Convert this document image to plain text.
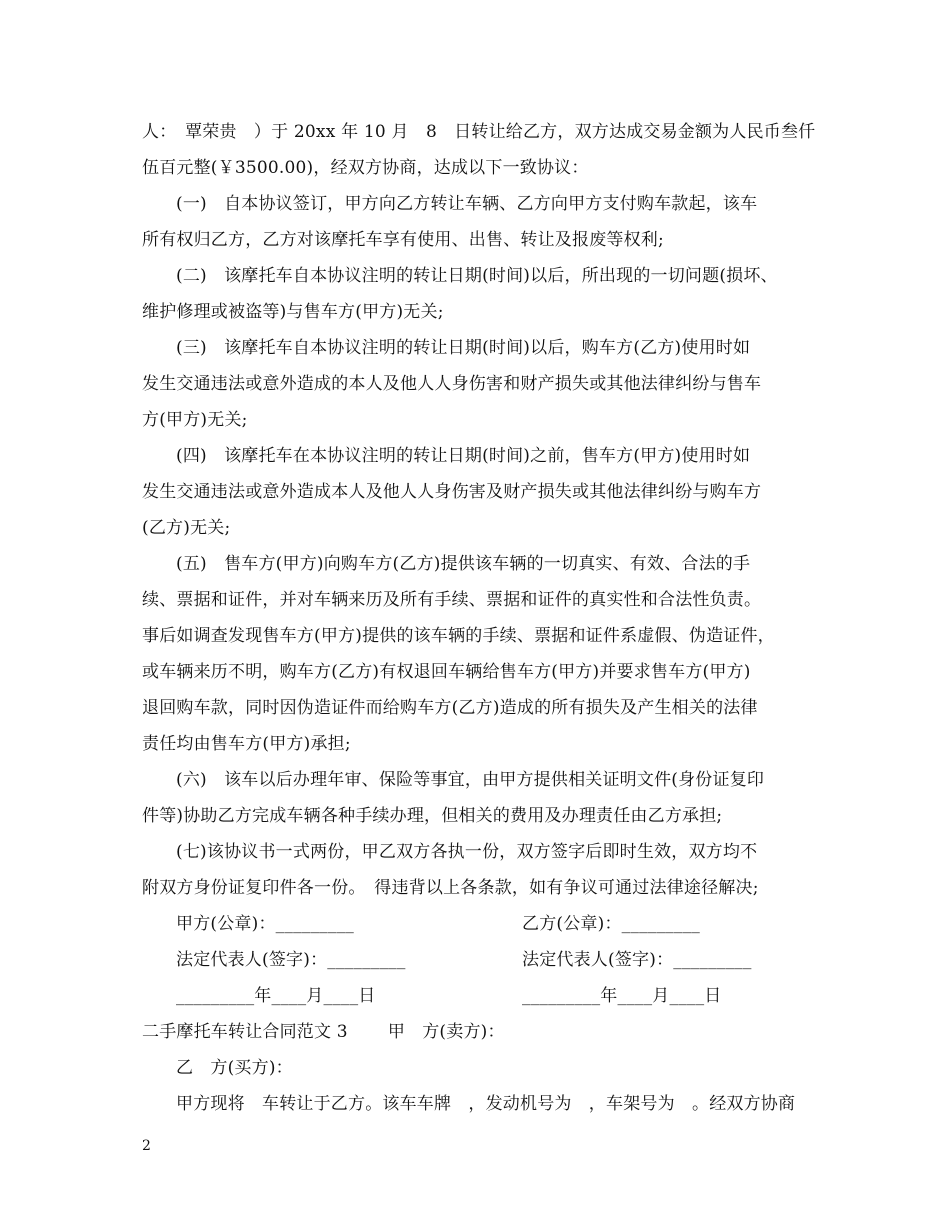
人：　覃荣贵　）于 20xx 年 10 月　8　日转让给乙方，双方达成交易金额为人民币叁仟
伍百元整(￥3500.00)，经双方协商，达成以下一致协议：
(一)　自本协议签订，甲方向乙方转让车辆、乙方向甲方支付购车款起，该车
所有权归乙方，乙方对该摩托车享有使用、出售、转让及报废等权利;
(二)　该摩托车自本协议注明的转让日期(时间)以后，所出现的一切问题(损坏、
维护修理或被盗等)与售车方(甲方)无关;
(三)　该摩托车自本协议注明的转让日期(时间)以后，购车方(乙方)使用时如
发生交通违法或意外造成的本人及他人人身伤害和财产损失或其他法律纠纷与售车
方(甲方)无关;
(四)　该摩托车在本协议注明的转让日期(时间)之前，售车方(甲方)使用时如
发生交通违法或意外造成本人及他人人身伤害及财产损失或其他法律纠纷与购车方
(乙方)无关;
(五)　售车方(甲方)向购车方(乙方)提供该车辆的一切真实、有效、合法的手
续、票据和证件，并对车辆来历及所有手续、票据和证件的真实性和合法性负责。
事后如调查发现售车方(甲方)提供的该车辆的手续、票据和证件系虚假、伪造证件，
或车辆来历不明，购车方(乙方)有权退回车辆给售车方(甲方)并要求售车方(甲方)
退回购车款，同时因伪造证件而给购车方(乙方)造成的所有损失及产生相关的法律
责任均由售车方(甲方)承担;
(六)　该车以后办理年审、保险等事宜，由甲方提供相关证明文件(身份证复印
件等)协助乙方完成车辆各种手续办理，但相关的费用及办理责任由乙方承担;
(七)该协议书一式两份，甲乙双方各执一份，双方签字后即时生效，双方均不
附双方身份证复印件各一份。　得违背以上各条款，如有争议可通过法律途径解决;
甲方(公章)：_________	乙方(公章)：_________
法定代表人(签字)：_________	法定代表人(签字)：_________
_________年____月____日	_________年____月____日
二手摩托车转让合同范文 3　　 甲　方(卖方)：
乙　方(买方)：
甲方现将　车转让于乙方。该车车牌　，发动机号为　，车架号为　。经双方协商
2
